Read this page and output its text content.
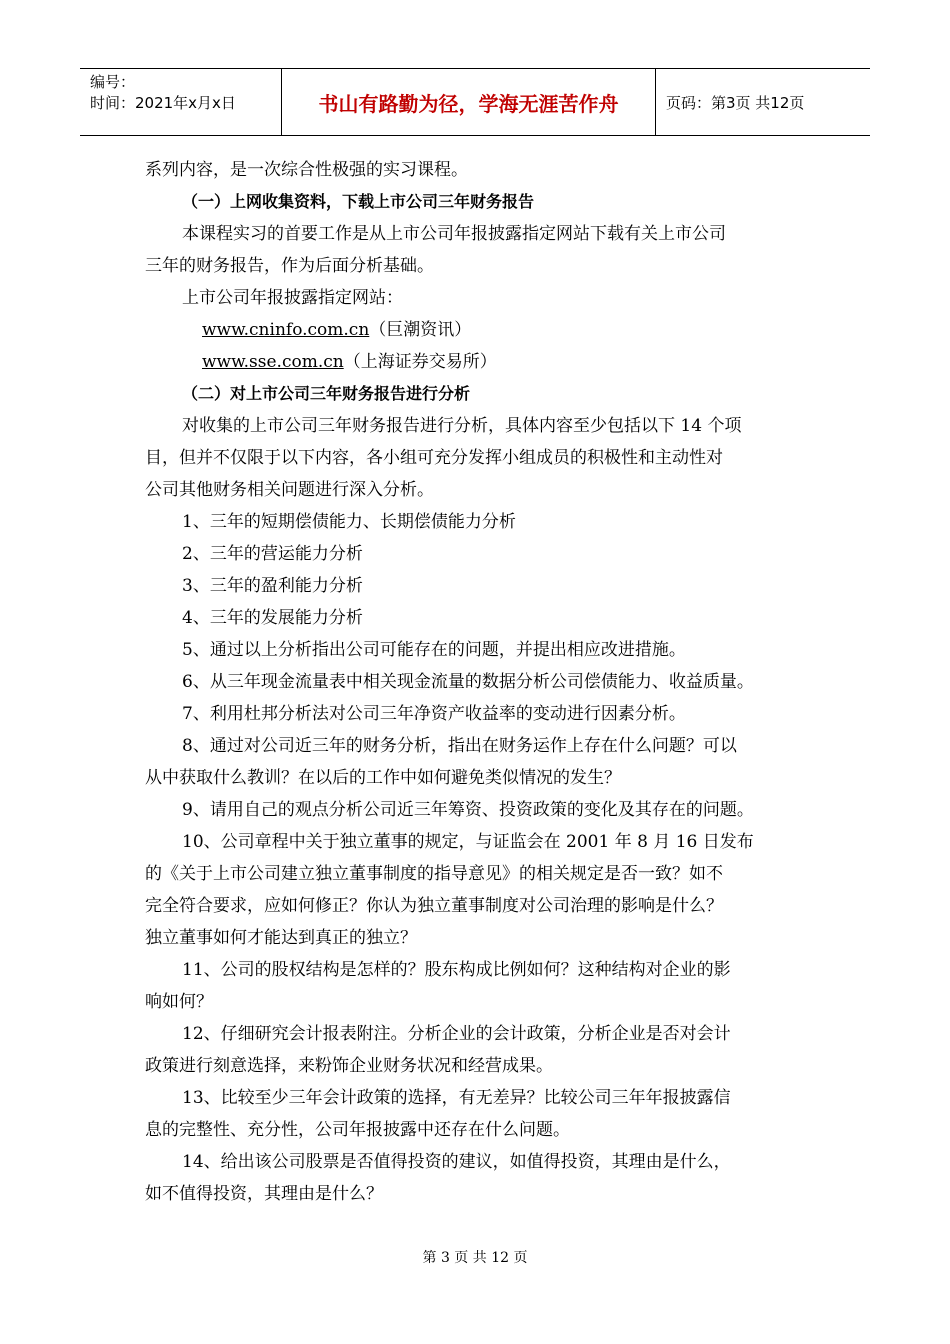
编号：
时间：2021年x月x日	书山有路勤为径，学海无涯苦作舟	页码：第3页 共12页

系列内容，是一次综合性极强的实习课程。

（一）上网收集资料，下载上市公司三年财务报告

本课程实习的首要工作是从上市公司年报披露指定网站下载有关上市公司

三年的财务报告，作为后面分析基础。

上市公司年报披露指定网站：

www.cninfo.com.cn（巨潮资讯）

www.sse.com.cn（上海证券交易所）

（二）对上市公司三年财务报告进行分析

对收集的上市公司三年财务报告进行分析，具体内容至少包括以下 14 个项

目，但并不仅限于以下内容，各小组可充分发挥小组成员的积极性和主动性对

公司其他财务相关问题进行深入分析。

1、三年的短期偿债能力、长期偿债能力分析

2、三年的营运能力分析

3、三年的盈利能力分析

4、三年的发展能力分析

5、通过以上分析指出公司可能存在的问题，并提出相应改进措施。

6、从三年现金流量表中相关现金流量的数据分析公司偿债能力、收益质量。

7、利用杜邦分析法对公司三年净资产收益率的变动进行因素分析。

8、通过对公司近三年的财务分析，指出在财务运作上存在什么问题？可以

从中获取什么教训？在以后的工作中如何避免类似情况的发生？

9、请用自己的观点分析公司近三年筹资、投资政策的变化及其存在的问题。

10、公司章程中关于独立董事的规定，与证监会在 2001 年 8 月 16 日发布

的《关于上市公司建立独立董事制度的指导意见》的相关规定是否一致？如不

完全符合要求，应如何修正？你认为独立董事制度对公司治理的影响是什么？

独立董事如何才能达到真正的独立？

11、公司的股权结构是怎样的？股东构成比例如何？这种结构对企业的影

响如何？

12、仔细研究会计报表附注。分析企业的会计政策，分析企业是否对会计

政策进行刻意选择，来粉饰企业财务状况和经营成果。

13、比较至少三年会计政策的选择，有无差异？比较公司三年年报披露信

息的完整性、充分性，公司年报披露中还存在什么问题。

14、给出该公司股票是否值得投资的建议，如值得投资，其理由是什么，

如不值得投资，其理由是什么？

第 3 页 共 12 页
